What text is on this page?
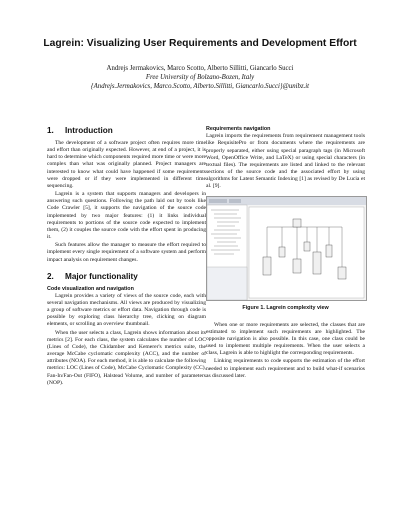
Lagrein: Visualizing User Requirements and Development Effort
Andrejs Jermakovics, Marco Scotto, Alberto Sillitti, Giancarlo Succi
Free University of Bolzano-Bozen, Italy
{Andrejs.Jermakovics, Marco.Scotto, Alberto.Sillitti, Giancarlo.Succi}@unibz.it
1. Introduction

The development of a software project often requires more time and effort than originally expected. However, at end of a project, it is hard to determine which components required more time or were more complex than what was originally planned. Project managers are interested to know what could have happened if some requirements were dropped or if they were implemented in different time sequencing.

Lagrein is a system that supports managers and developers in answering such questions. Following the path laid out by tools like Code Crawler [5], it supports the navigation of the source code implemented by two major features: (1) it links individual requirements to portions of the source code expected to implement them, (2) it couples the source code with the effort spent in producing it.

Such features allow the manager to measure the effort required to implement every single requirement of a software system and perform impact analysis on requirement changes.

2. Major functionality
Code visualization and navigation

Lagrein provides a variety of views of the source code, each with several navigation mechanisms. All views are produced by visualizing a group of software metrics or effort data. Navigation through code is possible by exploring class hierarchy tree, clicking on diagram elements, or scrolling an overview thumbnail.

When the user selects a class, Lagrein shows information about its metrics [2]. For each class, the system calculates the number of LOC (Lines of Code), the Chidamber and Kemerer's metrics suite, the average McCabe cyclomatic complexity (ACC), and the number of attributes (NOA). For each method, it is able to calculate the following metrics: LOC (Lines of Code), McCabe Cyclomatic Complexity (CC), Fan-In/Fan-Out (FIFO), Halstead Volume, and number of parameters (NOP).

Requirements navigation

Lagrein imports the requirements from requirement management tools like RequisitePro or from documents where the requirements are properly separated, either using special paragraph tags (in Microsoft Word, OpenOffice Write, and LaTeX) or using special characters (in textual files). The requirements are listed and linked to the relevant sections of the source code and the associated effort by using algorithms for Latent Semantic Indexing [1] as revised by De Lucia et al. [9].

Figure 1. Lagrein complexity view

When one or more requirements are selected, the classes that are estimated to implement such requirements are highlighted. The opposite navigation is also possible. In this case, one class could be used to implement multiple requirements. When the user selects a class, Lagrein is able to highlight the corresponding requirements.

Linking requirements to code supports the estimation of the effort needed to implement each requirement and to build what-if scenarios as discussed later.
